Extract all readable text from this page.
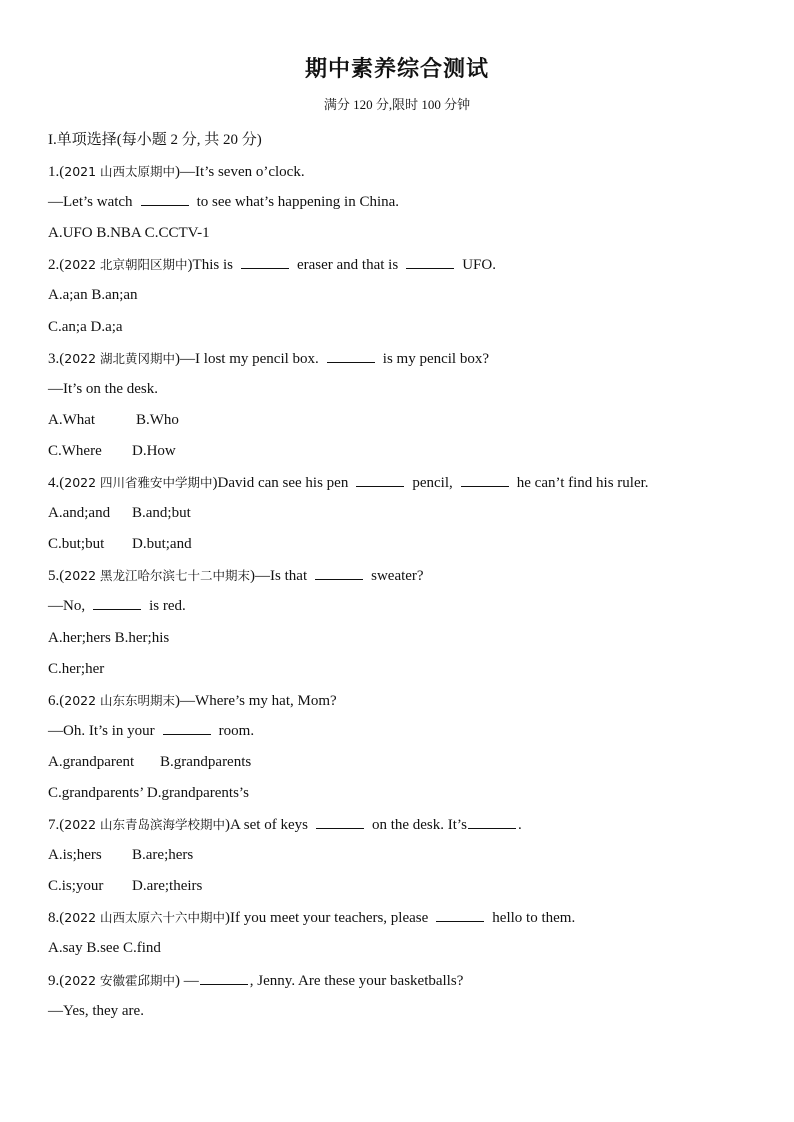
期中素养综合测试
满分 120 分,限时 100 分钟
I.单项选择(每小题 2 分, 共 20 分)
1.(2021 山西太原期中)—It’s seven o’clock.
—Let’s watch	to see what’s happening in China.
A.UFO B.NBA C.CCTV-1
2.(2022 北京朝阳区期中)This is	eraser and that is	UFO.
A.a;an B.an;an
C.an;a D.a;a
3.(2022 湖北黄冈期中)—I lost my pencil box.	is my pencil box?
—It’s on the desk.
A.What	B.Who
C.Where D.How
4.(2022 四川省雅安中学期中)David can see his pen	pencil,	he can’t find his ruler.
A.and;and B.and;but
C.but;but D.but;and
5.(2022 黑龙江哈尔滨七十二中期末)—Is that	sweater?
—No,	is red.
A.her;hers B.her;his
C.her;her
6.(2022 山东东明期末)—Where’s my hat, Mom?
—Oh. It’s in your	room.
A.grandparent B.grandparents
C.grandparents’ D.grandparents’s
7.(2022 山东青岛滨海学校期中)A set of keys	on the desk. It’s	.
A.is;hers B.are;hers
C.is;your D.are;theirs
8.(2022 山西太原六十六中期中)If you meet your teachers, please	hello to them.
A.say B.see C.find
9.(2022 安徽霍邱期中) —	, Jenny. Are these your basketballs?
—Yes, they are.
